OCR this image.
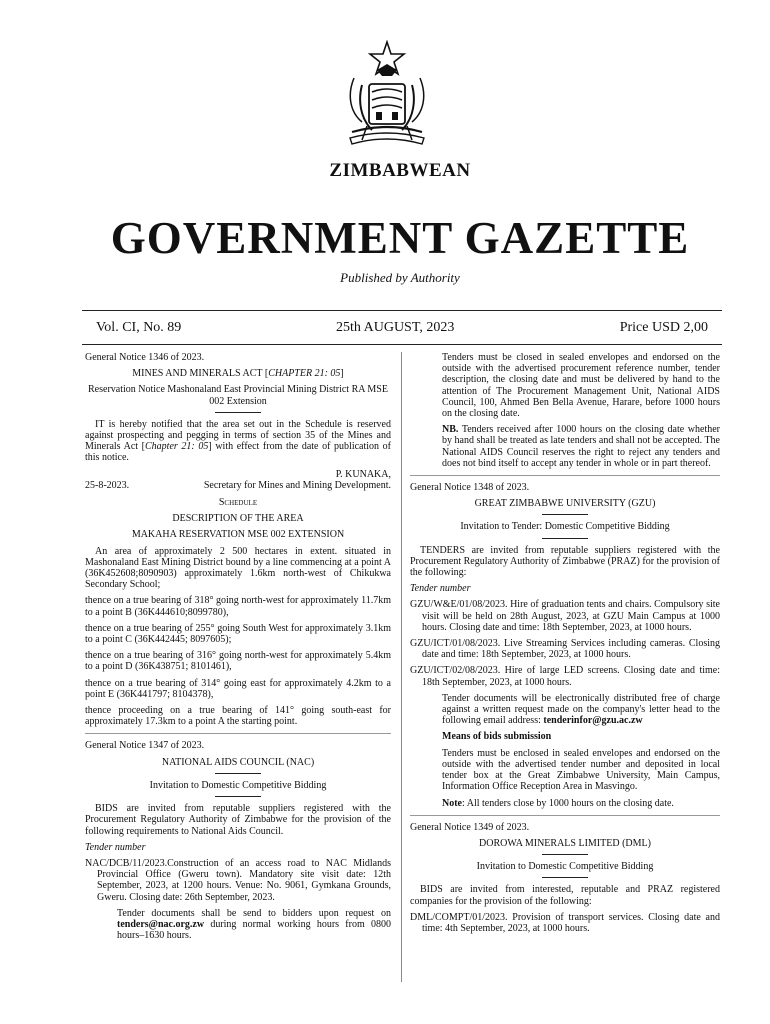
ZIMBABWEAN
GOVERNMENT GAZETTE
Published by Authority
Vol. CI, No. 89	25th AUGUST, 2023	Price USD 2,00

General Notice 1346 of 2023.

MINES AND MINERALS ACT [CHAPTER 21: 05]

Reservation Notice Mashonaland East Provincial Mining District RA MSE 002 Extension

IT is hereby notified that the area set out in the Schedule is reserved against prospecting and pegging in terms of section 35 of the Mines and Minerals Act [Chapter 21: 05] with effect from the date of publication of this notice.

P. KUNAKA,

25-8-2023.	Secretary for Mines and Mining Development.

Schedule

DESCRIPTION OF THE AREA

MAKAHA RESERVATION MSE 002 EXTENSION

An area of approximately 2 500 hectares in extent. situated in Mashonaland East Mining District bound by a line commencing at a point A (36K452608;8090903) approximately 1.6km north-west of Chikukwa Secondary School;

thence on a true bearing of 318° going north-west for approximately 11.7km to a point B (36K444610;8099780),

thence on a true bearing of 255° going South West for approximately 3.1km to a point C (36K442445; 8097605);

thence on a true bearing of 316° going north-west for approximately 5.4km to a point D (36K438751; 8101461),

thence on a true bearing of 314° going east for approximately 4.2km to a point E (36K441797; 8104378),

thence proceeding on a true bearing of 141° going south-east for approximately 17.3km to a point A the starting point.

General Notice 1347 of 2023.

NATIONAL AIDS COUNCIL (NAC)

Invitation to Domestic Competitive Bidding

BIDS are invited from reputable suppliers registered with the Procurement Regulatory Authority of Zimbabwe for the provision of the following requirements to National Aids Council.

Tender number

NAC/DCB/11/2023.Construction of an access road to NAC Midlands Provincial Office (Gweru town). Mandatory site visit date: 12th September, 2023, at 1200 hours. Venue: No. 9061, Gymkana Grounds, Gweru. Closing date: 26th September, 2023.

Tender documents shall be send to bidders upon request on tenders@nac.org.zw during normal working hours from 0800 hours–1630 hours.

Tenders must be closed in sealed envelopes and endorsed on the outside with the advertised procurement reference number, tender description, the closing date and must be delivered by hand to the attention of The Procurement Management Unit, National AIDS Council, 100, Ahmed Ben Bella Avenue, Harare, before 1000 hours on the closing date.

NB. Tenders received after 1000 hours on the closing date whether by hand shall be treated as late tenders and shall not be accepted. The National AIDS Council reserves the right to reject any tenders and does not bind itself to accept any tender in whole or in part thereof.

General Notice 1348 of 2023.

GREAT ZIMBABWE UNIVERSITY (GZU)

Invitation to Tender: Domestic Competitive Bidding

TENDERS are invited from reputable suppliers registered with the Procurement Regulatory Authority of Zimbabwe (PRAZ) for the provision of the following:

Tender number

GZU/W&E/01/08/2023. Hire of graduation tents and chairs. Compulsory site visit will be held on 28th August, 2023, at GZU Main Campus at 1000 hours. Closing date and time: 18th September, 2023, at 1000 hours.

GZU/ICT/01/08/2023. Live Streaming Services including cameras. Closing date and time: 18th September, 2023, at 1000 hours.

GZU/ICT/02/08/2023. Hire of large LED screens. Closing date and time: 18th September, 2023, at 1000 hours.

Tender documents will be electronically distributed free of charge against a written request made on the company's letter head to the following email address: tenderinfor@gzu.ac.zw

Means of bids submission

Tenders must be enclosed in sealed envelopes and endorsed on the outside with the advertised tender number and deposited in local tender box at the Great Zimbabwe University, Main Campus, Information Office Reception Area in Masvingo.

Note: All tenders close by 1000 hours on the closing date.

General Notice 1349 of 2023.

DOROWA MINERALS LIMITED (DML)

Invitation to Domestic Competitive Bidding

BIDS are invited from interested, reputable and PRAZ registered companies for the provision of the following:

DML/COMPT/01/2023. Provision of transport services. Closing date and time: 4th September, 2023, at 1000 hours.
